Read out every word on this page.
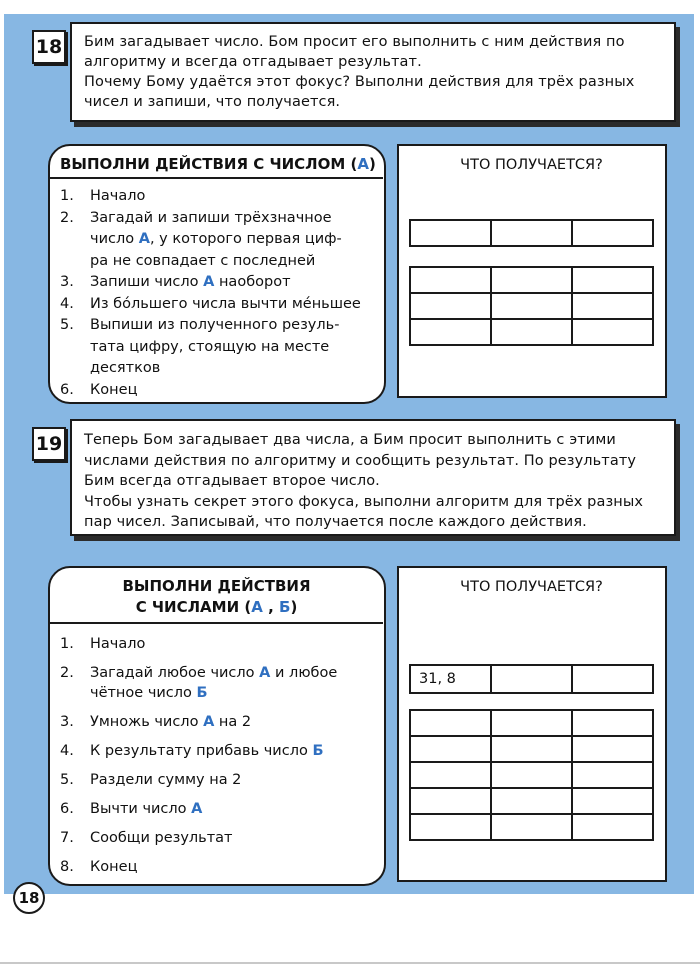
18 Бим загадывает число. Бом просит его выполнить с ним действия по

алгоритму и всегда отгадывает результат.

Почему Бому удаётся этот фокус? Выполни действия для трёх разных

чисел и запиши, что получается.

ВЫПОЛНИ ДЕЙСТВИЯ С ЧИСЛОМ (А)
1. Начало
2. Загадай и запиши трёхзначное
число А, у которого первая циф-
ра не совпадает с последней
3. Запиши число А наоборот
4. Из бо́льшего числа вычти ме́ньшее
5. Выпиши из полученного резуль-
тата цифру, стоящую на месте
десятков
6. Конец
ЧТО ПОЛУЧАЕТСЯ?

19 Теперь Бом загадывает два числа, а Бим просит выполнить с этими

числами действия по алгоритму и сообщить результат. По результату

Бим всегда отгадывает второе число.

Чтобы узнать секрет этого фокуса, выполни алгоритм для трёх разных

пар чисел. Записывай, что получается после каждого действия.

ВЫПОЛНИ ДЕЙСТВИЯ
С ЧИСЛАМИ (А , Б)
1. Начало
2. Загадай любое число А и любое
чётное число Б
3. Умножь число А на 2
4. К результату прибавь число Б
5. Раздели сумму на 2
6. Вычти число А
7. Сообщи результат
8. Конец
ЧТО ПОЛУЧАЕТСЯ?
31, 8		

18
